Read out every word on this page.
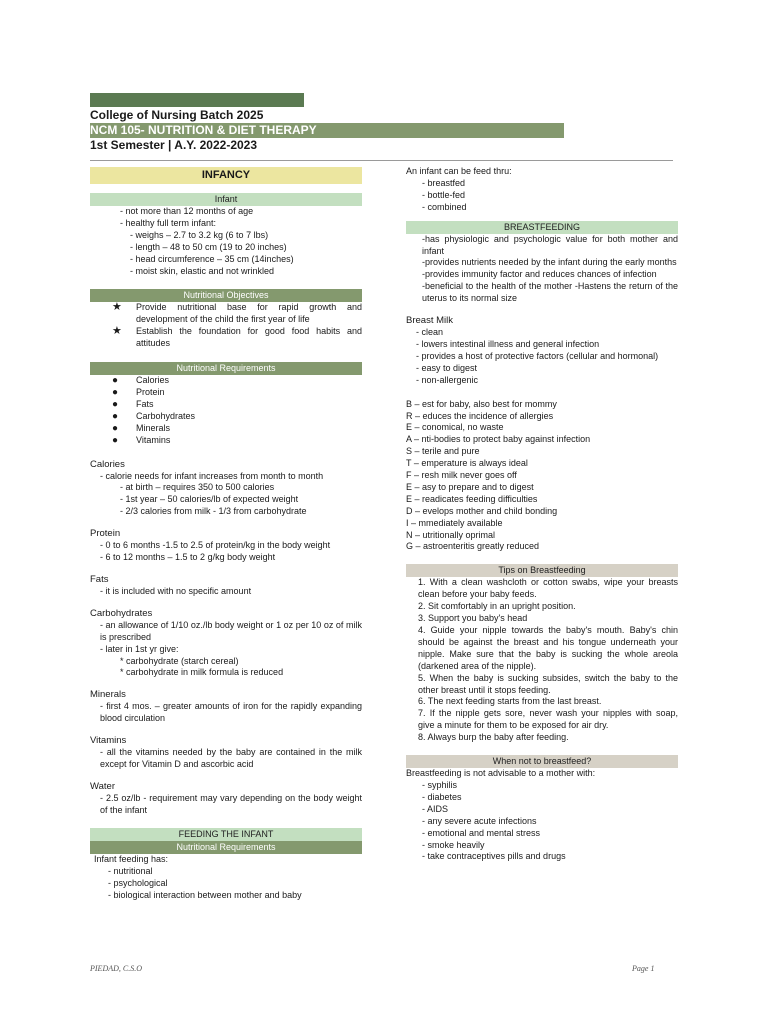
College of Nursing Batch 2025
NCM 105- NUTRITION & DIET THERAPY
1st Semester | A.Y. 2022-2023
INFANCY
Infant
- not more than 12 months of age
- healthy full term infant:
- weighs – 2.7 to 3.2 kg (6 to 7 lbs)
- length – 48 to 50 cm (19 to 20 inches)
- head circumference – 35 cm (14inches)
- moist skin, elastic and not wrinkled
Nutritional Objectives
★ Provide nutritional base for rapid growth and development of the child the first year of life
★ Establish the foundation for good food habits and attitudes
Nutritional Requirements
● Calories
● Protein
● Fats
● Carbohydrates
● Minerals
● Vitamins
Calories
- calorie needs for infant increases from month to month
- at birth – requires 350 to 500 calories
- 1st year – 50 calories/lb of expected weight
- 2/3 calories from milk - 1/3 from carbohydrate
Protein
- 0 to 6 months -1.5 to 2.5 of protein/kg in the body weight
- 6 to 12 months – 1.5 to 2 g/kg body weight
Fats
- it is included with no specific amount
Carbohydrates
- an allowance of 1/10 oz./lb body weight or 1 oz per 10 oz of milk is prescribed
- later in 1st yr give:
* carbohydrate (starch cereal)
* carbohydrate in milk formula is reduced
Minerals
- first 4 mos. – greater amounts of iron for the rapidly expanding blood circulation
Vitamins
- all the vitamins needed by the baby are contained in the milk except for Vitamin D and ascorbic acid
Water
- 2.5 oz/lb - requirement may vary depending on the body weight of the infant
FEEDING THE INFANT
Nutritional Requirements
Infant feeding has:
- nutritional
- psychological
- biological interaction between mother and baby
An infant can be feed thru:
- breastfed
- bottle-fed
- combined
BREASTFEEDING
-has physiologic and psychologic value for both mother and infant
-provides nutrients needed by the infant during the early months
-provides immunity factor and reduces chances of infection
-beneficial to the health of the mother -Hastens the return of the uterus to its normal size
Breast Milk
- clean
- lowers intestinal illness and general infection
- provides a host of protective factors (cellular and hormonal)
- easy to digest
- non-allergenic
B – est for baby, also best for mommy
R – educes the incidence of allergies
E – conomical, no waste
A – nti-bodies to protect baby against infection
S – terile and pure
T – emperature is always ideal
F – resh milk never goes off
E – asy to prepare and to digest
E – readicates feeding difficulties
D – evelops mother and child bonding
I – mmediately available
N – utritionally oprimal
G – astroenteritis greatly reduced
Tips on Breastfeeding
1. With a clean washcloth or cotton swabs, wipe your breasts clean before your baby feeds.
2. Sit comfortably in an upright position.
3. Support you baby's head
4. Guide your nipple towards the baby's mouth. Baby's chin should be against the breast and his tongue underneath your nipple. Make sure that the baby is sucking the whole areola (darkened area of the nipple).
5. When the baby is sucking subsides, switch the baby to the other breast until it stops feeding.
6. The next feeding starts from the last breast.
7. If the nipple gets sore, never wash your nipples with soap, give a minute for them to be exposed for air dry.
8. Always burp the baby after feeding.
When not to breastfeed?
Breastfeeding is not advisable to a mother with:
- syphilis
- diabetes
- AIDS
- any severe acute infections
- emotional and mental stress
- smoke heavily
- take contraceptives pills and drugs
PIEDAD, C.S.O	Page 1
